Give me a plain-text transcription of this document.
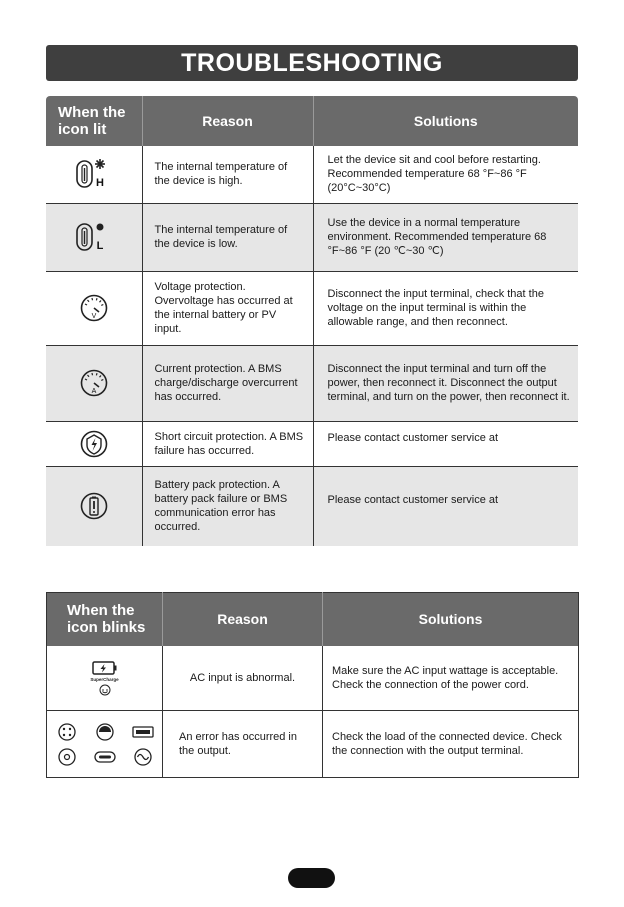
TROUBLESHOOTING
When the icon lit	Reason	Solutions

H	The internal temperature of the device is high.	Let the device sit and cool before restarting. Recommended temperature 68 °F~86 °F (20°C~30°C)

L	The internal temperature of the device is low.	Use the device in a normal temperature environment. Recommended temperature 68 °F~86 °F (20 ℃~30 ℃)

V	Voltage protection. Overvoltage has occurred at the internal battery or PV input.	Disconnect the input terminal, check that the voltage on the input terminal is within the allowable range, and then reconnect.

A	Current protection. A BMS charge/discharge overcurrent has occurred.	Disconnect the input terminal and turn off the power, then reconnect it. Disconnect the output terminal, and turn on the power, then reconnect it.

	Short circuit protection. A BMS failure has occurred.	Please contact customer service at

	Battery pack protection. A battery pack failure or BMS communication error has occurred.	Please contact customer service at
When the icon blinks	Reason	Solutions

SuperCharge	AC input is abnormal.	Make sure the AC input wattage is acceptable. Check the connection of the power cord.

	An error has occurred in the output.	Check the load of the connected device. Check the connection with the output terminal.
